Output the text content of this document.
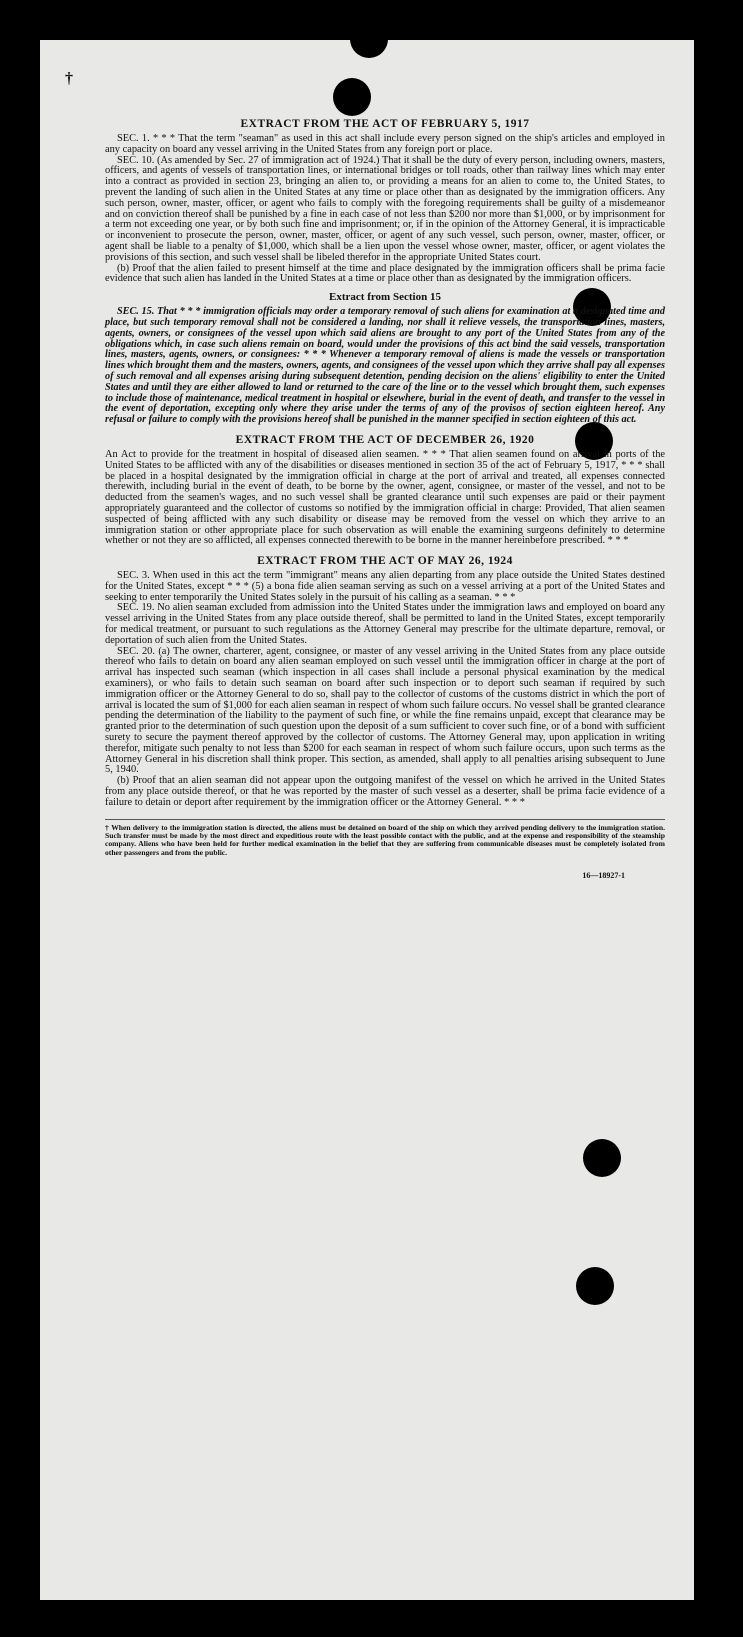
†
EXTRACT FROM THE ACT OF FEBRUARY 5, 1917

SEC. 1. * * * That the term "seaman" as used in this act shall include every person signed on the ship's articles and employed in any capacity on board any vessel arriving in the United States from any foreign port or place.

SEC. 10. (As amended by Sec. 27 of immigration act of 1924.) That it shall be the duty of every person, including owners, masters, officers, and agents of vessels of transportation lines, or international bridges or toll roads, other than railway lines which may enter into a contract as provided in section 23, bringing an alien to, or providing a means for an alien to come to, the United States, to prevent the landing of such alien in the United States at any time or place other than as designated by the immigration officers. Any such person, owner, master, officer, or agent who fails to comply with the foregoing requirements shall be guilty of a misdemeanor and on conviction thereof shall be punished by a fine in each case of not less than $200 nor more than $1,000, or by imprisonment for a term not exceeding one year, or by both such fine and imprisonment; or, if in the opinion of the Attorney General, it is impracticable or inconvenient to prosecute the person, owner, master, officer, or agent of any such vessel, such person, owner, master, officer, or agent shall be liable to a penalty of $1,000, which shall be a lien upon the vessel whose owner, master, officer, or agent violates the provisions of this section, and such vessel shall be libeled therefor in the appropriate United States court.

(b) Proof that the alien failed to present himself at the time and place designated by the immigration officers shall be prima facie evidence that such alien has landed in the United States at a time or place other than as designated by the immigration officers.

Extract from Section 15

SEC. 15. That * * * immigration officials may order a temporary removal of such aliens for examination at a designated time and place, but such temporary removal shall not be considered a landing, nor shall it relieve vessels, the transportation lines, masters, agents, owners, or consignees of the vessel upon which said aliens are brought to any port of the United States from any of the obligations which, in case such aliens remain on board, would under the provisions of this act bind the said vessels, transportation lines, masters, agents, owners, or consignees: * * * Whenever a temporary removal of aliens is made the vessels or transportation lines which brought them and the masters, owners, agents, and consignees of the vessel upon which they arrive shall pay all expenses of such removal and all expenses arising during subsequent detention, pending decision on the aliens' eligibility to enter the United States and until they are either allowed to land or returned to the care of the line or to the vessel which brought them, such expenses to include those of maintenance, medical treatment in hospital or elsewhere, burial in the event of death, and transfer to the vessel in the event of deportation, excepting only where they arise under the terms of any of the provisos of section eighteen hereof. Any refusal or failure to comply with the provisions hereof shall be punished in the manner specified in section eighteen of this act.

EXTRACT FROM THE ACT OF DECEMBER 26, 1920

An Act to provide for the treatment in hospital of diseased alien seamen. * * * That alien seamen found on arrival in ports of the United States to be afflicted with any of the disabilities or diseases mentioned in section 35 of the act of February 5, 1917, * * * shall be placed in a hospital designated by the immigration official in charge at the port of arrival and treated, all expenses connected therewith, including burial in the event of death, to be borne by the owner, agent, consignee, or master of the vessel, and not to be deducted from the seamen's wages, and no such vessel shall be granted clearance until such expenses are paid or their payment appropriately guaranteed and the collector of customs so notified by the immigration official in charge: Provided, That alien seamen suspected of being afflicted with any such disability or disease may be removed from the vessel on which they arrive to an immigration station or other appropriate place for such observation as will enable the examining surgeons definitely to determine whether or not they are so afflicted, all expenses connected therewith to be borne in the manner hereinbefore prescribed. * * *

EXTRACT FROM THE ACT OF MAY 26, 1924

SEC. 3. When used in this act the term "immigrant" means any alien departing from any place outside the United States destined for the United States, except * * * (5) a bona fide alien seaman serving as such on a vessel arriving at a port of the United States and seeking to enter temporarily the United States solely in the pursuit of his calling as a seaman. * * *

SEC. 19. No alien seaman excluded from admission into the United States under the immigration laws and employed on board any vessel arriving in the United States from any place outside thereof, shall be permitted to land in the United States, except temporarily for medical treatment, or pursuant to such regulations as the Attorney General may prescribe for the ultimate departure, removal, or deportation of such alien from the United States.

SEC. 20. (a) The owner, charterer, agent, consignee, or master of any vessel arriving in the United States from any place outside thereof who fails to detain on board any alien seaman employed on such vessel until the immigration officer in charge at the port of arrival has inspected such seaman (which inspection in all cases shall include a personal physical examination by the medical examiners), or who fails to detain such seaman on board after such inspection or to deport such seaman if required by such immigration officer or the Attorney General to do so, shall pay to the collector of customs of the customs district in which the port of arrival is located the sum of $1,000 for each alien seaman in respect of whom such failure occurs. No vessel shall be granted clearance pending the determination of the liability to the payment of such fine, or while the fine remains unpaid, except that clearance may be granted prior to the determination of such question upon the deposit of a sum sufficient to cover such fine, or of a bond with sufficient surety to secure the payment thereof approved by the collector of customs. The Attorney General may, upon application in writing therefor, mitigate such penalty to not less than $200 for each seaman in respect of whom such failure occurs, upon such terms as the Attorney General in his discretion shall think proper. This section, as amended, shall apply to all penalties arising subsequent to June 5, 1940.

(b) Proof that an alien seaman did not appear upon the outgoing manifest of the vessel on which he arrived in the United States from any place outside thereof, or that he was reported by the master of such vessel as a deserter, shall be prima facie evidence of a failure to detain or deport after requirement by the immigration officer or the Attorney General. * * *

† When delivery to the immigration station is directed, the aliens must be detained on board of the ship on which they arrived pending delivery to the immigration station. Such transfer must be made by the most direct and expeditious route with the least possible contact with the public, and at the expense and responsibility of the steamship company. Aliens who have been held for further medical examination in the belief that they are suffering from communicable diseases must be completely isolated from other passengers and from the public.
16—18927-1
